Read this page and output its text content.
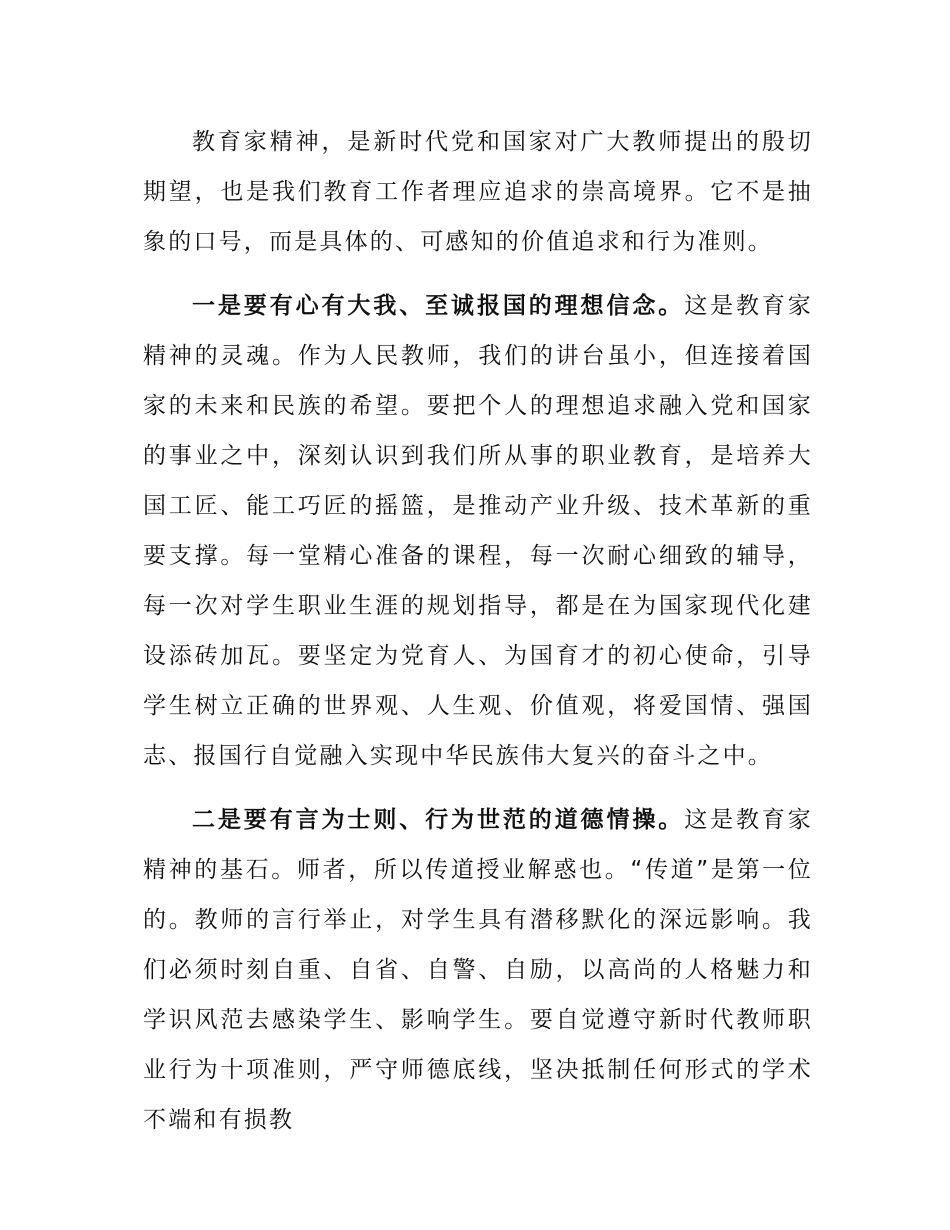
教育家精神，是新时代党和国家对广大教师提出的殷切期望，也是我们教育工作者理应追求的崇高境界。它不是抽象的口号，而是具体的、可感知的价值追求和行为准则。

一是要有心有大我、至诚报国的理想信念。这是教育家精神的灵魂。作为人民教师，我们的讲台虽小，但连接着国家的未来和民族的希望。要把个人的理想追求融入党和国家的事业之中，深刻认识到我们所从事的职业教育，是培养大国工匠、能工巧匠的摇篮，是推动产业升级、技术革新的重要支撑。每一堂精心准备的课程，每一次耐心细致的辅导，每一次对学生职业生涯的规划指导，都是在为国家现代化建设添砖加瓦。要坚定为党育人、为国育才的初心使命，引导学生树立正确的世界观、人生观、价值观，将爱国情、强国志、报国行自觉融入实现中华民族伟大复兴的奋斗之中。

二是要有言为士则、行为世范的道德情操。这是教育家精神的基石。师者，所以传道授业解惑也。“传道”是第一位的。教师的言行举止，对学生具有潜移默化的深远影响。我们必须时刻自重、自省、自警、自励，以高尚的人格魅力和学识风范去感染学生、影响学生。要自觉遵守新时代教师职业行为十项准则，严守师德底线，坚决抵制任何形式的学术不端和有损教
